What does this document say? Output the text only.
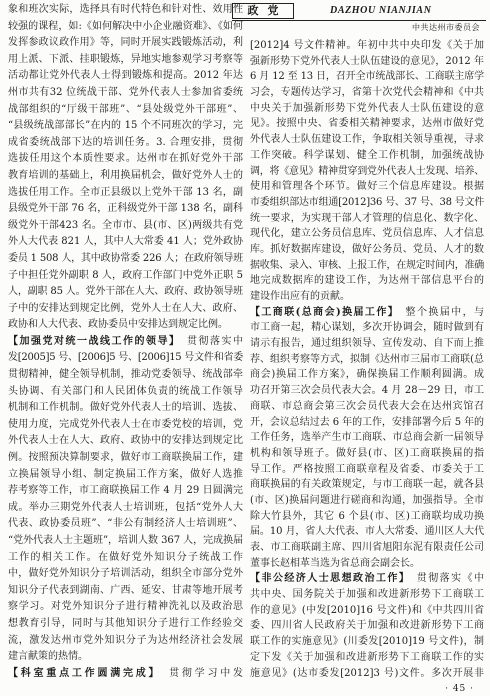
政党	DAZHOU NIANJIAN
中共达州市委员会
象和班次实际，选择具有时代特色和针对性、效用性
较强的课程，如:《如何解决中小企业融资难》、《如何
发挥参政议政作用》等，同时开展实践锻炼活动，利
用上派、下派、挂职锻炼，异地实地参观学习考察等
活动都让党外代表人士得到锻炼和提高。2012 年达
州市共有32 位统战干部、党外代表人士参加省委统
战部组织的“厅级干部班”、“县处级党外干部班”、
“县级统战部部长”在内的 15 个不同班次的学习，完
成省委统战部下达的培训任务。3. 合理安排，贯彻
选拔任用这个本质性要求。达州市在抓好党外干部
教育培训的基础上，利用换届机会，做好党外人士的
选拔任用工作。全市正县级以上党外干部 13 名，副
县级党外干部 76 名，正科级党外干部 138 名，副科
级党外干部423 名。全市市、县(市、区)两级共有党
外人大代表 821 人，其中人大常委 41 人；党外政协
委员 1 508 人，其中政协常委 226 人；在政府领导班
子中担任党外副职 8 人，政府工作部门中党外正职 5
人，副职 85 人。党外干部在人大、政府、政协领导班
子中的安排达到规定比例，党外人士在人大、政府、
政协和人大代表、政协委员中安排达到规定比例。
【加强党对统一战线工作的领导】　贯彻落实中
发[2005]5 号、[2006]5 号、[2006]15 号文件和省委
贯彻精神，健全领导机制，推动党委领导、统战部牵
头协调、有关部门和人民团体负责的统战工作领导
机制和工作机制。做好党外代表人士的培训、选拔、
使用力度，完成党外代表人士在市委党校的培训，党
外代表人士在人大、政府、政协中的安排达到规定比
例。按照预决算制要求，做好市工商联换届工作，建
立换届领导小组、制定换届工作方案，做好人选推
荐考察等工作，市工商联换届工作 4 月 29 日圆满完
成。举办三期党外代表人士培训班，包括“党外人大
代表、政协委员班”、“非公有制经济人士培训班”、
“党外代表人士主题班”，培训人数 367 人，完成换届
工作的相关工作。在做好党外知识分子统战工作
中，做好党外知识分子培训活动，组织全市部分党外
知识分子代表到湖南、广西、延安、甘肃等地开展考
察学习。对党外知识分子进行精神洗礼以及政治思
想教育引导，同时与其他知识分子进行工作经验交
流，激发达州市党外知识分子为达州经济社会发展
建言献策的热情。
【科室重点工作圆满完成】　贯彻学习中发
[2012]4 号文件精神。年初中共中央印发《关于加
强新形势下党外代表人士队伍建设的意见》，2012 年
6 月 12 至 13 日，召开全市统战部长、工商联主席学
习会，专题传达学习，省第十次党代会精神和《中共
中央关于加强新形势下党外代表人士队伍建设的意
见》。按照中央、省委相关精神要求，达州市做好党
外代表人士队伍建设工作，争取相关领导重视，寻求
工作突破。科学谋划、健全工作机制，加强统战协
调，将《意见》精神贯穿到党外代表人士发现、培养、
使用和管理各个环节。做好三个信息库建设。根据
市委组织部达市组通[2012]36 号、37 号、38 号文件
统一要求，为实现干部人才管理的信息化、数字化、
现代化，建立公务员信息库、党员信息库、人才信息
库。抓好数据库建设，做好公务员、党员、人才的数
据收集、录入、审核、上报工作，在规定时间内，准确
地完成数据库的建设工作，为达州干部信息平台的
建设作出应有的贡献。
【工商联(总商会)换届工作】　整个换届中，与
市工商一起，精心谋划，多次开协调会，随时做到有
请示有报告，通过组织领导、宣传发动、自下而上推
荐、组织考察等方式，拟制《达州市三届市工商联(总
商会)换届工作方案》，确保换届工作顺利圆满。成
功召开第三次会员代表大会。4 月 28－29 日，市工
商联、市总商会第三次会员代表大会在达州宾馆召
开，会议总结过去 6 年的工作，安排部署今后 5 年的
工作任务，选举产生市工商联、市总商会新一届领导
机构和领导班子。做好县(市、区)工商联换届的指
导工作。严格按照工商联章程及省委、市委关于工
商联换届的有关政策规定，与市工商联一起，就各县
(市、区)换届问题进行磋商和沟通，加强指导。全市
除大竹县外，其它 6 个县(市、区)工商联均成功换
届。10 月，省人大代表、市人大常委、通川区人大代
表、市工商联副主席、四川省旭阳东泥有限责任公司
董事长赵相革当选为省总商会副会长。
【非公经济人士思想政治工作】　贯彻落实《中
共中央、国务院关于加强和改进新形势下工商联工
作的意见》(中发[2010]16 号文件)和《中共四川省
委、四川省人民政府关于加强和改进新形势下工商
联工作的实施意见》(川委发[2010]19 号文件)，制
定下发《关于加强和改进新形势下工商联工作的实
施意见》(达市委发[2012]3 号)文件。多次开展非
· 45 ·
